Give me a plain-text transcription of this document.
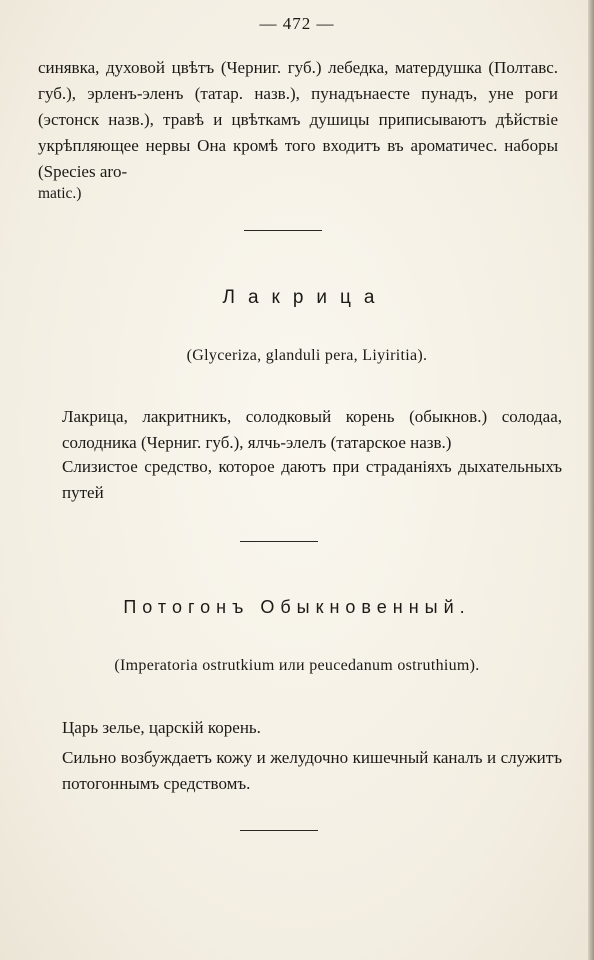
— 472 —
синявка, духовой цвѣтъ (Черниг. губ.) лебедка, матердушка (Полтавс. губ.), эрленъ-эленъ (татар. назв.), пунадънаесте пунадъ, уне роги (эстонск назв.), травѣ и цвѣткамъ душицы приписываютъ дѣйствіе укрѣпляющее нервы Она кромѣ того входитъ въ ароматичес. наборы (Species aro-
matic.)
Лакрица
(Glyceriza, glanduli pera, Liyiritia).
Лакрица, лакритникъ, солодковый корень (обыкнов.) солодаа, солодника (Черниг. губ.), ялчь-элелъ (татарское назв.)
Слизистое средство, которое даютъ при страданіяхъ дыхательныхъ путей
Потогонъ Обыкновенный.
(Imperatoria ostrutkium или peucedanum ostruthium).
Царь зелье, царскій корень.
Сильно возбуждаетъ кожу и желудочно кишечный каналъ и служитъ потогоннымъ средствомъ.
